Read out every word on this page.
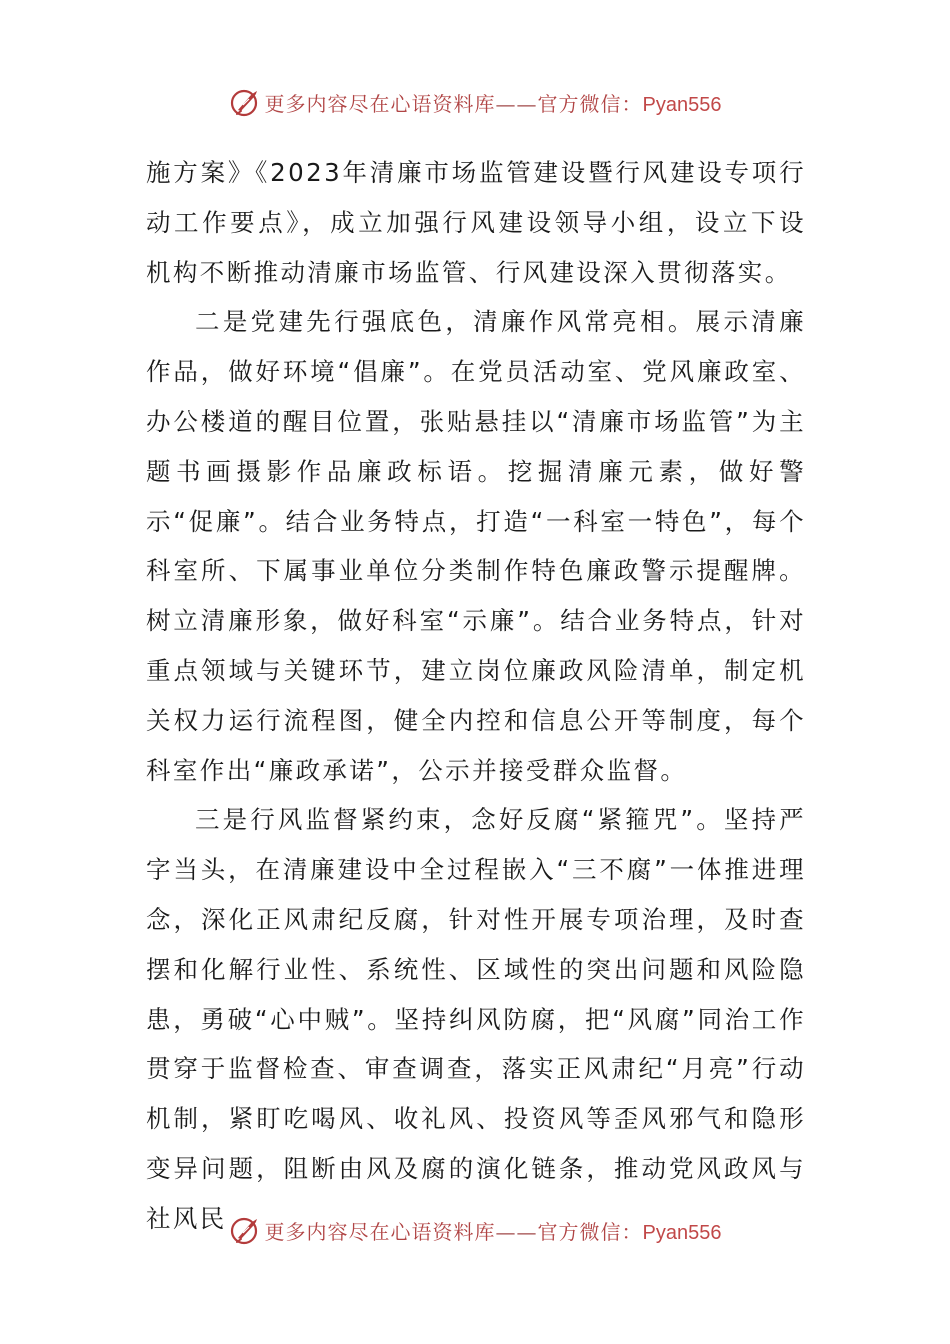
更多内容尽在心语资料库——官方微信：Pyan556

施方案》《2023年清廉市场监管建设暨行风建设专项行动工作要点》，成立加强行风建设领导小组，设立下设机构不断推动清廉市场监管、行风建设深入贯彻落实。

二是党建先行强底色，清廉作风常亮相。展示清廉作品，做好环境“倡廉”。在党员活动室、党风廉政室、办公楼道的醒目位置，张贴悬挂以“清廉市场监管”为主题书画摄影作品廉政标语。挖掘清廉元素，做好警示“促廉”。结合业务特点，打造“一科室一特色”，每个科室所、下属事业单位分类制作特色廉政警示提醒牌。树立清廉形象，做好科室“示廉”。结合业务特点，针对重点领域与关键环节，建立岗位廉政风险清单，制定机关权力运行流程图，健全内控和信息公开等制度，每个科室作出“廉政承诺”，公示并接受群众监督。

三是行风监督紧约束，念好反腐“紧箍咒”。坚持严字当头，在清廉建设中全过程嵌入“三不腐”一体推进理念，深化正风肃纪反腐，针对性开展专项治理，及时查摆和化解行业性、系统性、区域性的突出问题和风险隐患，勇破“心中贼”。坚持纠风防腐，把“风腐”同治工作贯穿于监督检查、审查调查，落实正风肃纪“月亮”行动机制，紧盯吃喝风、收礼风、投资风等歪风邪气和隐形变异问题，阻断由风及腐的演化链条，推动党风政风与社风民	更多内容尽在心语资料库——官方微信：Pyan556
